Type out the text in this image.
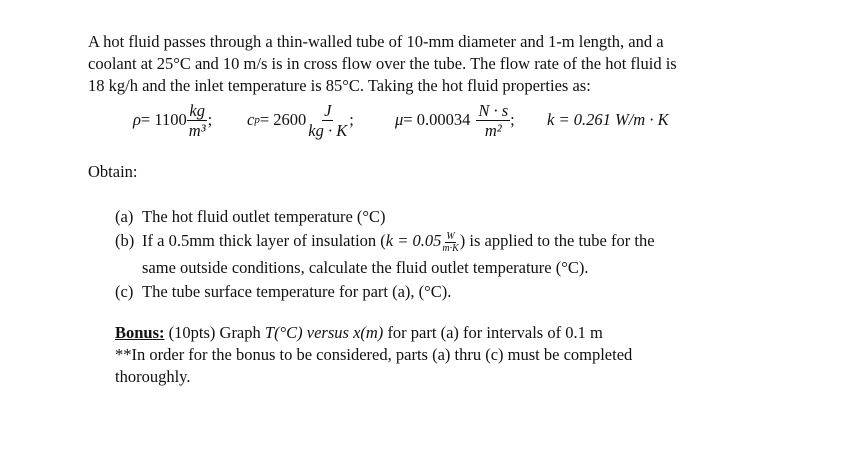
A hot fluid passes through a thin-walled tube of 10-mm diameter and 1-m length, and a

coolant at 25°C and 10 m/s is in cross flow over the tube. The flow rate of the hot fluid is

18 kg/h and the inlet temperature is 85°C. Taking the hot fluid properties as:

$\rho = 1100 \frac{kg}{\text{m³}}$ ; c $p = 2600 \frac{J}{kg \cdot K}$ ; $\mu = 0.00034 \frac{N \cdot s}{\text{m²}}$ ; k = 0.261 W/m · K
Obtain:
(a) The hot fluid outlet temperature (°C)
(b) If a 0.5mm thick layer of insulation ($k = 0.05 \frac{W}{m\cdot K}$ ) is applied to the tube for the
same outside conditions, calculate the fluid outlet temperature (°C).
(c) The tube surface temperature for part (a), (°C).

Bonus: (10pts) Graph T(°C) versus x(m) for part (a) for intervals of 0.1 m

**In order for the bonus to be considered, parts (a) thru (c) must be completed

thoroughly.
